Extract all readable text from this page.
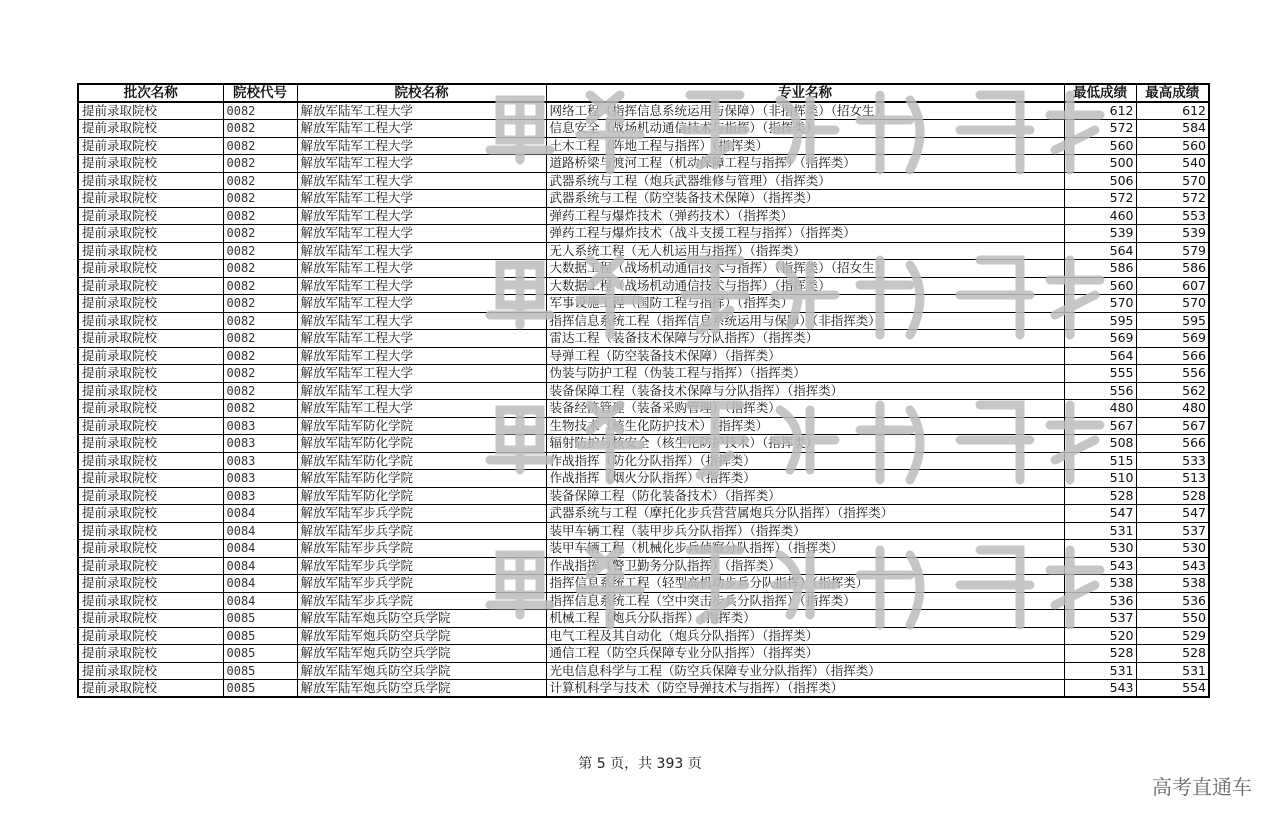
批次名称	院校代号	院校名称	专业名称	最低成绩	最高成绩
提前录取院校	0082	解放军陆军工程大学	网络工程（指挥信息系统运用与保障）（非指挥类）（招女生）	612	612
提前录取院校	0082	解放军陆军工程大学	信息安全（战场机动通信技术与指挥）（指挥类）	572	584
提前录取院校	0082	解放军陆军工程大学	土木工程（阵地工程与指挥）（指挥类）	560	560
提前录取院校	0082	解放军陆军工程大学	道路桥梁与渡河工程（机动保障工程与指挥）（指挥类）	500	540
提前录取院校	0082	解放军陆军工程大学	武器系统与工程（炮兵武器维修与管理）（指挥类）	506	570
提前录取院校	0082	解放军陆军工程大学	武器系统与工程（防空装备技术保障）（指挥类）	572	572
提前录取院校	0082	解放军陆军工程大学	弹药工程与爆炸技术（弹药技术）（指挥类）	460	553
提前录取院校	0082	解放军陆军工程大学	弹药工程与爆炸技术（战斗支援工程与指挥）（指挥类）	539	539
提前录取院校	0082	解放军陆军工程大学	无人系统工程（无人机运用与指挥）（指挥类）	564	579
提前录取院校	0082	解放军陆军工程大学	大数据工程（战场机动通信技术与指挥）（指挥类）（招女生）	586	586
提前录取院校	0082	解放军陆军工程大学	大数据工程（战场机动通信技术与指挥）（指挥类）	560	607
提前录取院校	0082	解放军陆军工程大学	军事设施工程（国防工程与指挥）（指挥类）	570	570
提前录取院校	0082	解放军陆军工程大学	指挥信息系统工程（指挥信息系统运用与保障）（非指挥类）	595	595
提前录取院校	0082	解放军陆军工程大学	雷达工程（装备技术保障与分队指挥）（指挥类）	569	569
提前录取院校	0082	解放军陆军工程大学	导弹工程（防空装备技术保障）（指挥类）	564	566
提前录取院校	0082	解放军陆军工程大学	伪装与防护工程（伪装工程与指挥）（指挥类）	555	556
提前录取院校	0082	解放军陆军工程大学	装备保障工程（装备技术保障与分队指挥）（指挥类）	556	562
提前录取院校	0082	解放军陆军工程大学	装备经济管理（装备采购管理）（指挥类）	480	480
提前录取院校	0083	解放军陆军防化学院	生物技术（核生化防护技术）（指挥类）	567	567
提前录取院校	0083	解放军陆军防化学院	辐射防护与核安全（核生化防护技术）（指挥类）	508	566
提前录取院校	0083	解放军陆军防化学院	作战指挥（防化分队指挥）（指挥类）	515	533
提前录取院校	0083	解放军陆军防化学院	作战指挥（烟火分队指挥）（指挥类）	510	513
提前录取院校	0083	解放军陆军防化学院	装备保障工程（防化装备技术）（指挥类）	528	528
提前录取院校	0084	解放军陆军步兵学院	武器系统与工程（摩托化步兵营营属炮兵分队指挥）（指挥类）	547	547
提前录取院校	0084	解放军陆军步兵学院	装甲车辆工程（装甲步兵分队指挥）（指挥类）	531	537
提前录取院校	0084	解放军陆军步兵学院	装甲车辆工程（机械化步兵侦察分队指挥）（指挥类）	530	530
提前录取院校	0084	解放军陆军步兵学院	作战指挥（警卫勤务分队指挥）（指挥类）	543	543
提前录取院校	0084	解放军陆军步兵学院	指挥信息系统工程（轻型高机动步兵分队指挥）（指挥类）	538	538
提前录取院校	0084	解放军陆军步兵学院	指挥信息系统工程（空中突击步兵分队指挥）（指挥类）	536	536
提前录取院校	0085	解放军陆军炮兵防空兵学院	机械工程（炮兵分队指挥）（指挥类）	537	550
提前录取院校	0085	解放军陆军炮兵防空兵学院	电气工程及其自动化（炮兵分队指挥）（指挥类）	520	529
提前录取院校	0085	解放军陆军炮兵防空兵学院	通信工程（防空兵保障专业分队指挥）（指挥类）	528	528
提前录取院校	0085	解放军陆军炮兵防空兵学院	光电信息科学与工程（防空兵保障专业分队指挥）（指挥类）	531	531
提前录取院校	0085	解放军陆军炮兵防空兵学院	计算机科学与技术（防空导弹技术与指挥）（指挥类）	543	554
第 5 页，共 393 页
高考直通车
